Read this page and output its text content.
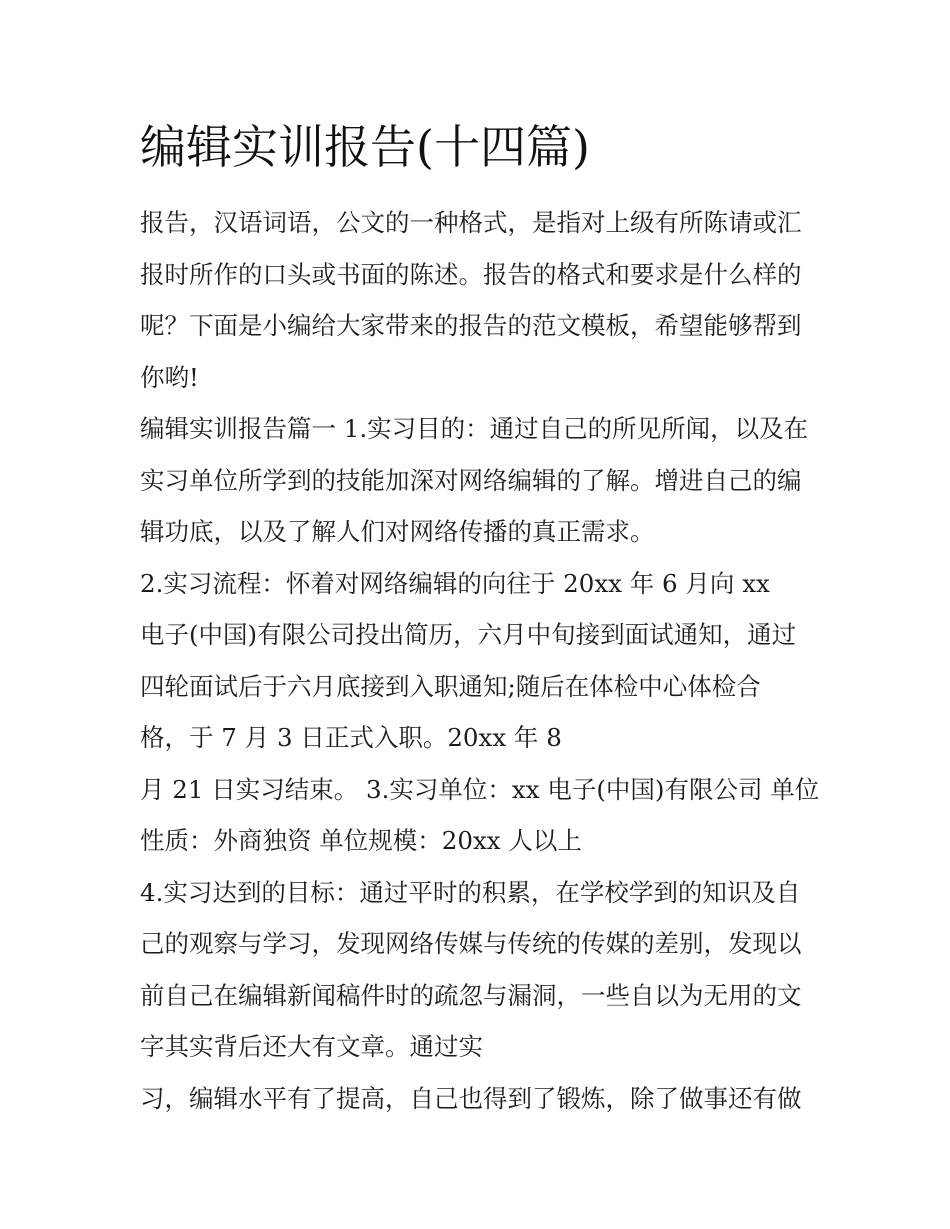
编辑实训报告(十四篇)
报告，汉语词语，公文的一种格式，是指对上级有所陈请或汇
报时所作的口头或书面的陈述。报告的格式和要求是什么样的
呢？下面是小编给大家带来的报告的范文模板，希望能够帮到
你哟!
编辑实训报告篇一 1.实习目的：通过自己的所见所闻，以及在
实习单位所学到的技能加深对网络编辑的了解。增进自己的编
辑功底，以及了解人们对网络传播的真正需求。
2.实习流程：怀着对网络编辑的向往于 20xx 年 6 月向 xx
电子(中国)有限公司投出简历，六月中旬接到面试通知，通过
四轮面试后于六月底接到入职通知;随后在体检中心体检合
格，于 7 月 3 日正式入职。20xx 年 8
月 21 日实习结束。 3.实习单位：xx 电子(中国)有限公司 单位
性质：外商独资 单位规模：20xx 人以上
4.实习达到的目标：通过平时的积累，在学校学到的知识及自
己的观察与学习，发现网络传媒与传统的传媒的差别，发现以
前自己在编辑新闻稿件时的疏忽与漏洞，一些自以为无用的文
字其实背后还大有文章。通过实
习，编辑水平有了提高，自己也得到了锻炼，除了做事还有做
